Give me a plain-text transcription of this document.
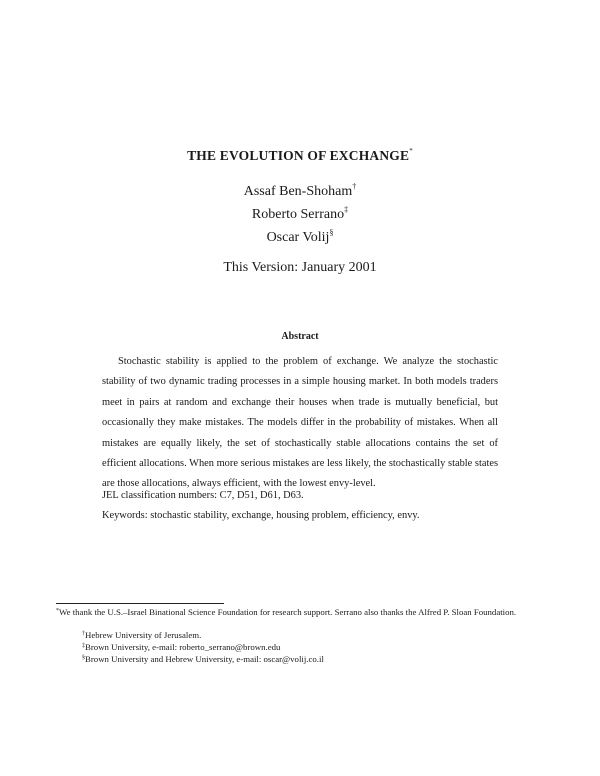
THE EVOLUTION OF EXCHANGE*
Assaf Ben-Shoham†
Roberto Serrano‡
Oscar Volij§
This Version: January 2001
Abstract
Stochastic stability is applied to the problem of exchange. We analyze the stochastic stability of two dynamic trading processes in a simple housing market. In both models traders meet in pairs at random and exchange their houses when trade is mutually beneficial, but occasionally they make mistakes. The models differ in the probability of mistakes. When all mistakes are equally likely, the set of stochastically stable allocations contains the set of efficient allocations. When more serious mistakes are less likely, the stochastically stable states are those allocations, always efficient, with the lowest envy-level.
JEL classification numbers: C7, D51, D61, D63.
Keywords: stochastic stability, exchange, housing problem, efficiency, envy.
*We thank the U.S.–Israel Binational Science Foundation for research support. Serrano also thanks the Alfred P. Sloan Foundation.
†Hebrew University of Jerusalem.
‡Brown University, e-mail: roberto_serrano@brown.edu
§Brown University and Hebrew University, e-mail: oscar@volij.co.il
